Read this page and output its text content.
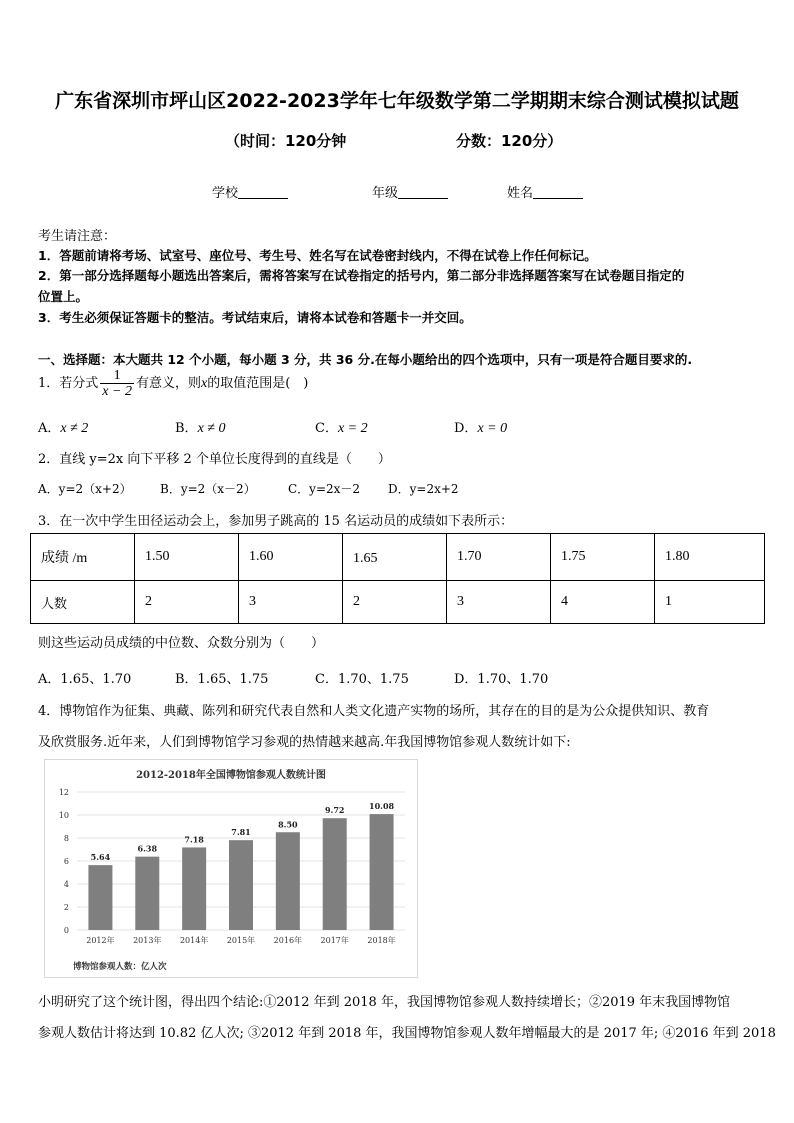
广东省深圳市坪山区2022-2023学年七年级数学第二学期期末综合测试模拟试题
（时间：120分钟	分数：120分）
学校	年级	姓名
考生请注意：
1．答题前请将考场、试室号、座位号、考生号、姓名写在试卷密封线内，不得在试卷上作任何标记。
2．第一部分选择题每小题选出答案后，需将答案写在试卷指定的括号内，第二部分非选择题答案写在试卷题目指定的
位置上。
3．考生必须保证答题卡的整洁。考试结束后，请将本试卷和答题卡一并交回。
一、选择题：本大题共 12 个小题，每小题 3 分，共 36 分.在每小题给出的四个选项中，只有一项是符合题目要求的.
1．若分式 $\frac{1}{x - 2}$ 有意义，则x的取值范围是(　)
A．x ≠ 2	B．x ≠ 0	C．x = 2	D．x = 0
2．直线 y=2x 向下平移 2 个单位长度得到的直线是（　　）
A．y=2（x+2） B．y=2（x－2）	C．y=2x－2 D．y=2x+2
3．在一次中学生田径运动会上，参加男子跳高的 15 名运动员的成绩如下表所示：
成绩 /m	1.50	1.60	1.65	1.70	1.75	1.80
人数	2	3	2	3	4	1
则这些运动员成绩的中位数、众数分别为（　　）
A．1.65、1.70	B．1.65、1.75	C．1.70、1.75	D．1.70、1.70
4．博物馆作为征集、典藏、陈列和研究代表自然和人类文化遗产实物的场所，其存在的目的是为公众提供知识、教育
及欣赏服务.近年来，人们到博物馆学习参观的热情越来越高.年我国博物馆参观人数统计如下:
2012-2018年全国博物馆参观人数统计图
0
2
4
6
8
10
12
5.64
2012年
6.38
2013年
7.18
2014年
7.81
2015年
8.50
2016年
9.72
2017年
10.08
2018年
博物馆参观人数：亿人次
小明研究了这个统计图，得出四个结论:①2012 年到 2018 年，我国博物馆参观人数持续增长；②2019 年末我国博物馆
参观人数估计将达到 10.82 亿人次; ③2012 年到 2018 年，我国博物馆参观人数年增幅最大的是 2017 年; ④2016 年到 2018
